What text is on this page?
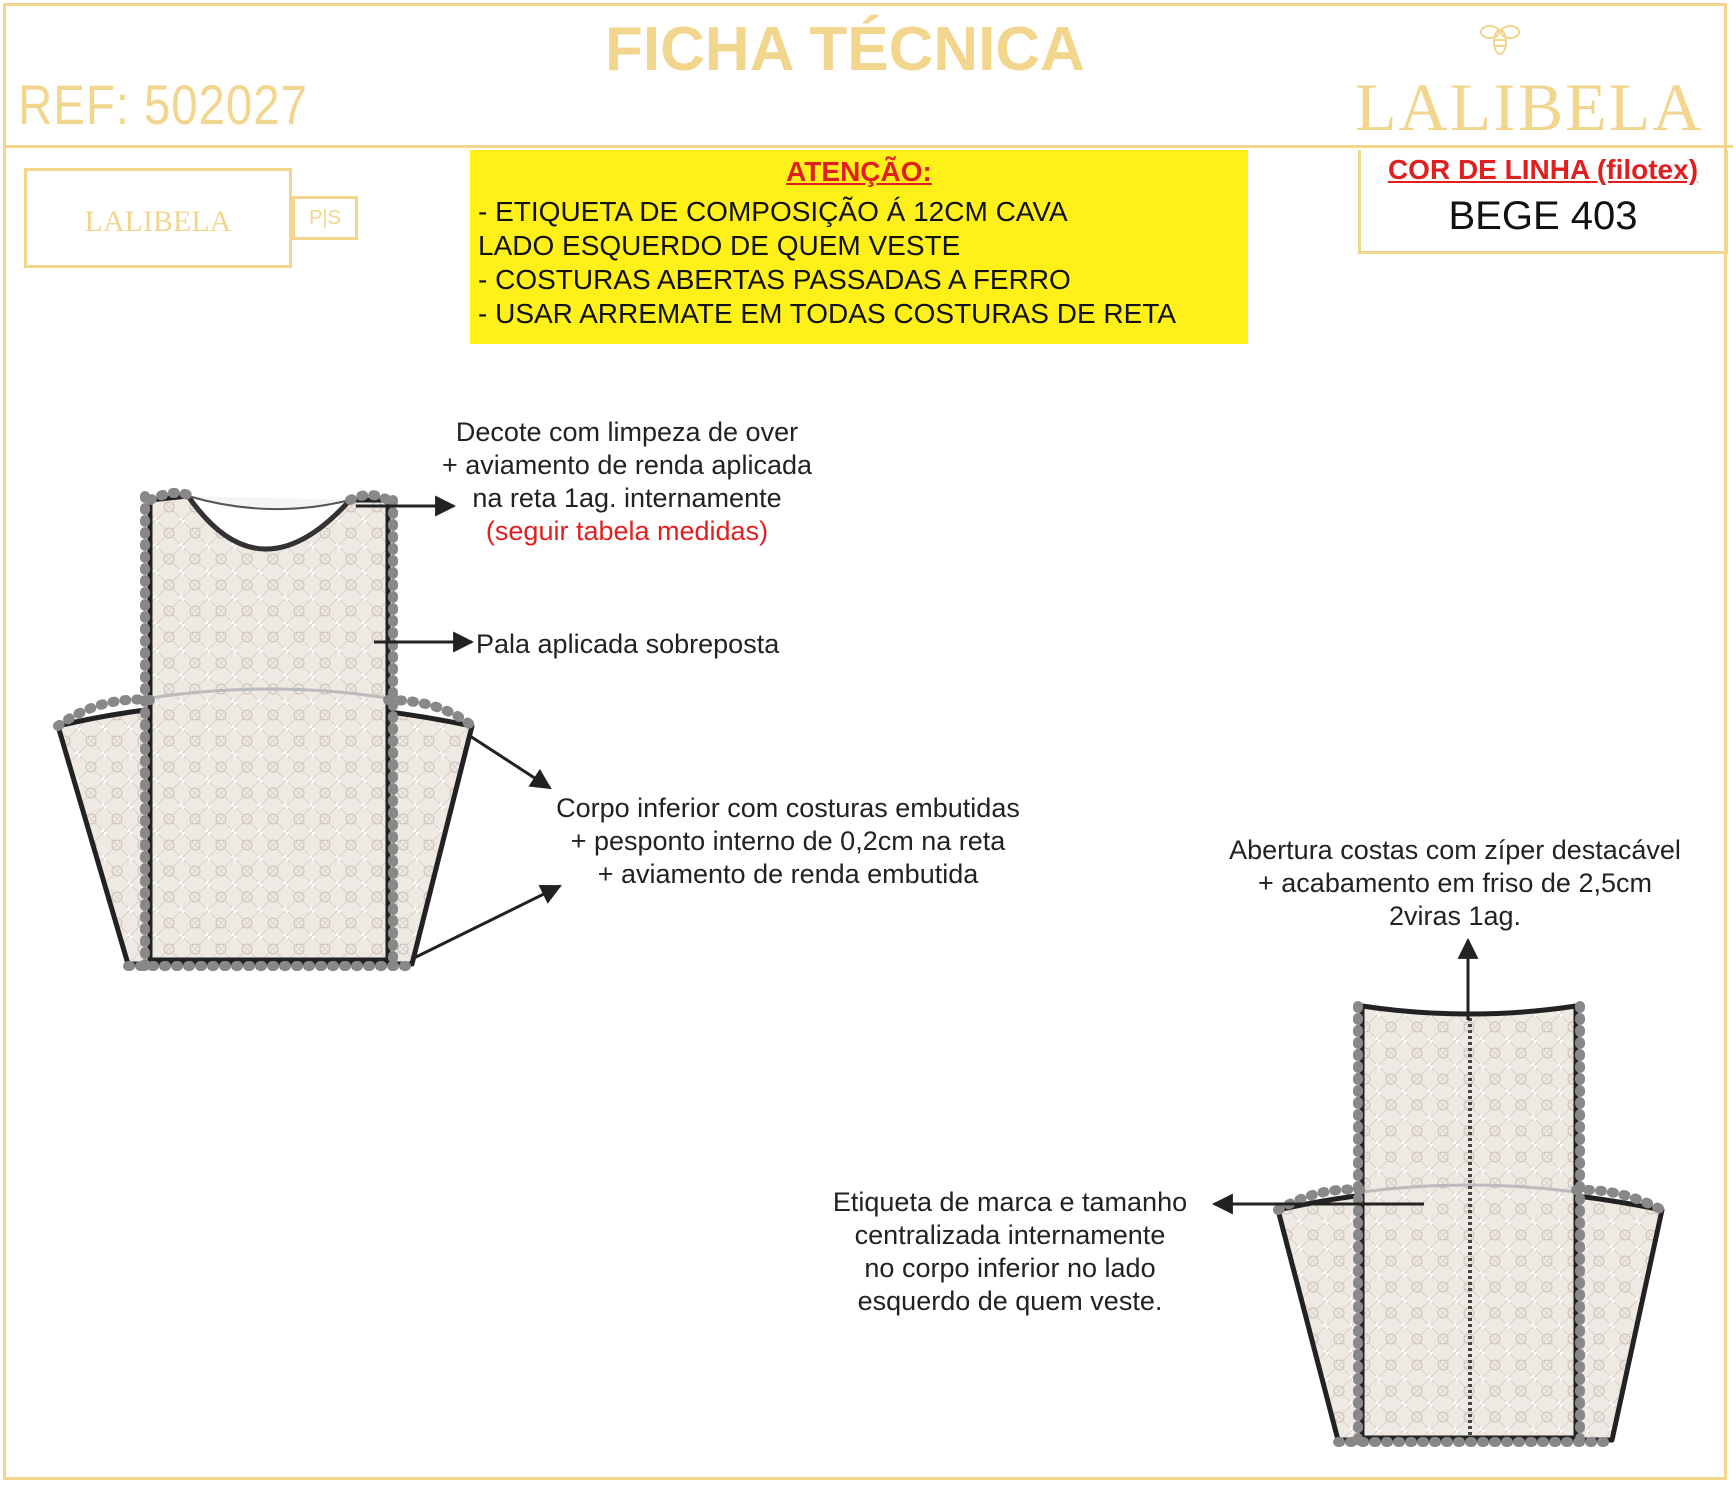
FICHA TÉCNICA
REF: 502027	LALIBELA
LALIBELA	P|S
ATENÇÃO:
- ETIQUETA DE COMPOSIÇÃO Á 12CM CAVA
LADO ESQUERDO DE QUEM VESTE
- COSTURAS ABERTAS PASSADAS A FERRO
- USAR ARREMATE EM TODAS COSTURAS DE RETA
COR DE LINHA (filotex)
BEGE 403
Decote com limpeza de over
+ aviamento de renda aplicada
na reta 1ag. internamente
(seguir tabela medidas)
Pala aplicada sobreposta
Corpo inferior com costuras embutidas
+ pesponto interno de 0,2cm na reta
+ aviamento de renda embutida
Abertura costas com zíper destacável
+ acabamento em friso de 2,5cm
2viras 1ag.
Etiqueta de marca e tamanho
centralizada internamente
no corpo inferior no lado
esquerdo de quem veste.
